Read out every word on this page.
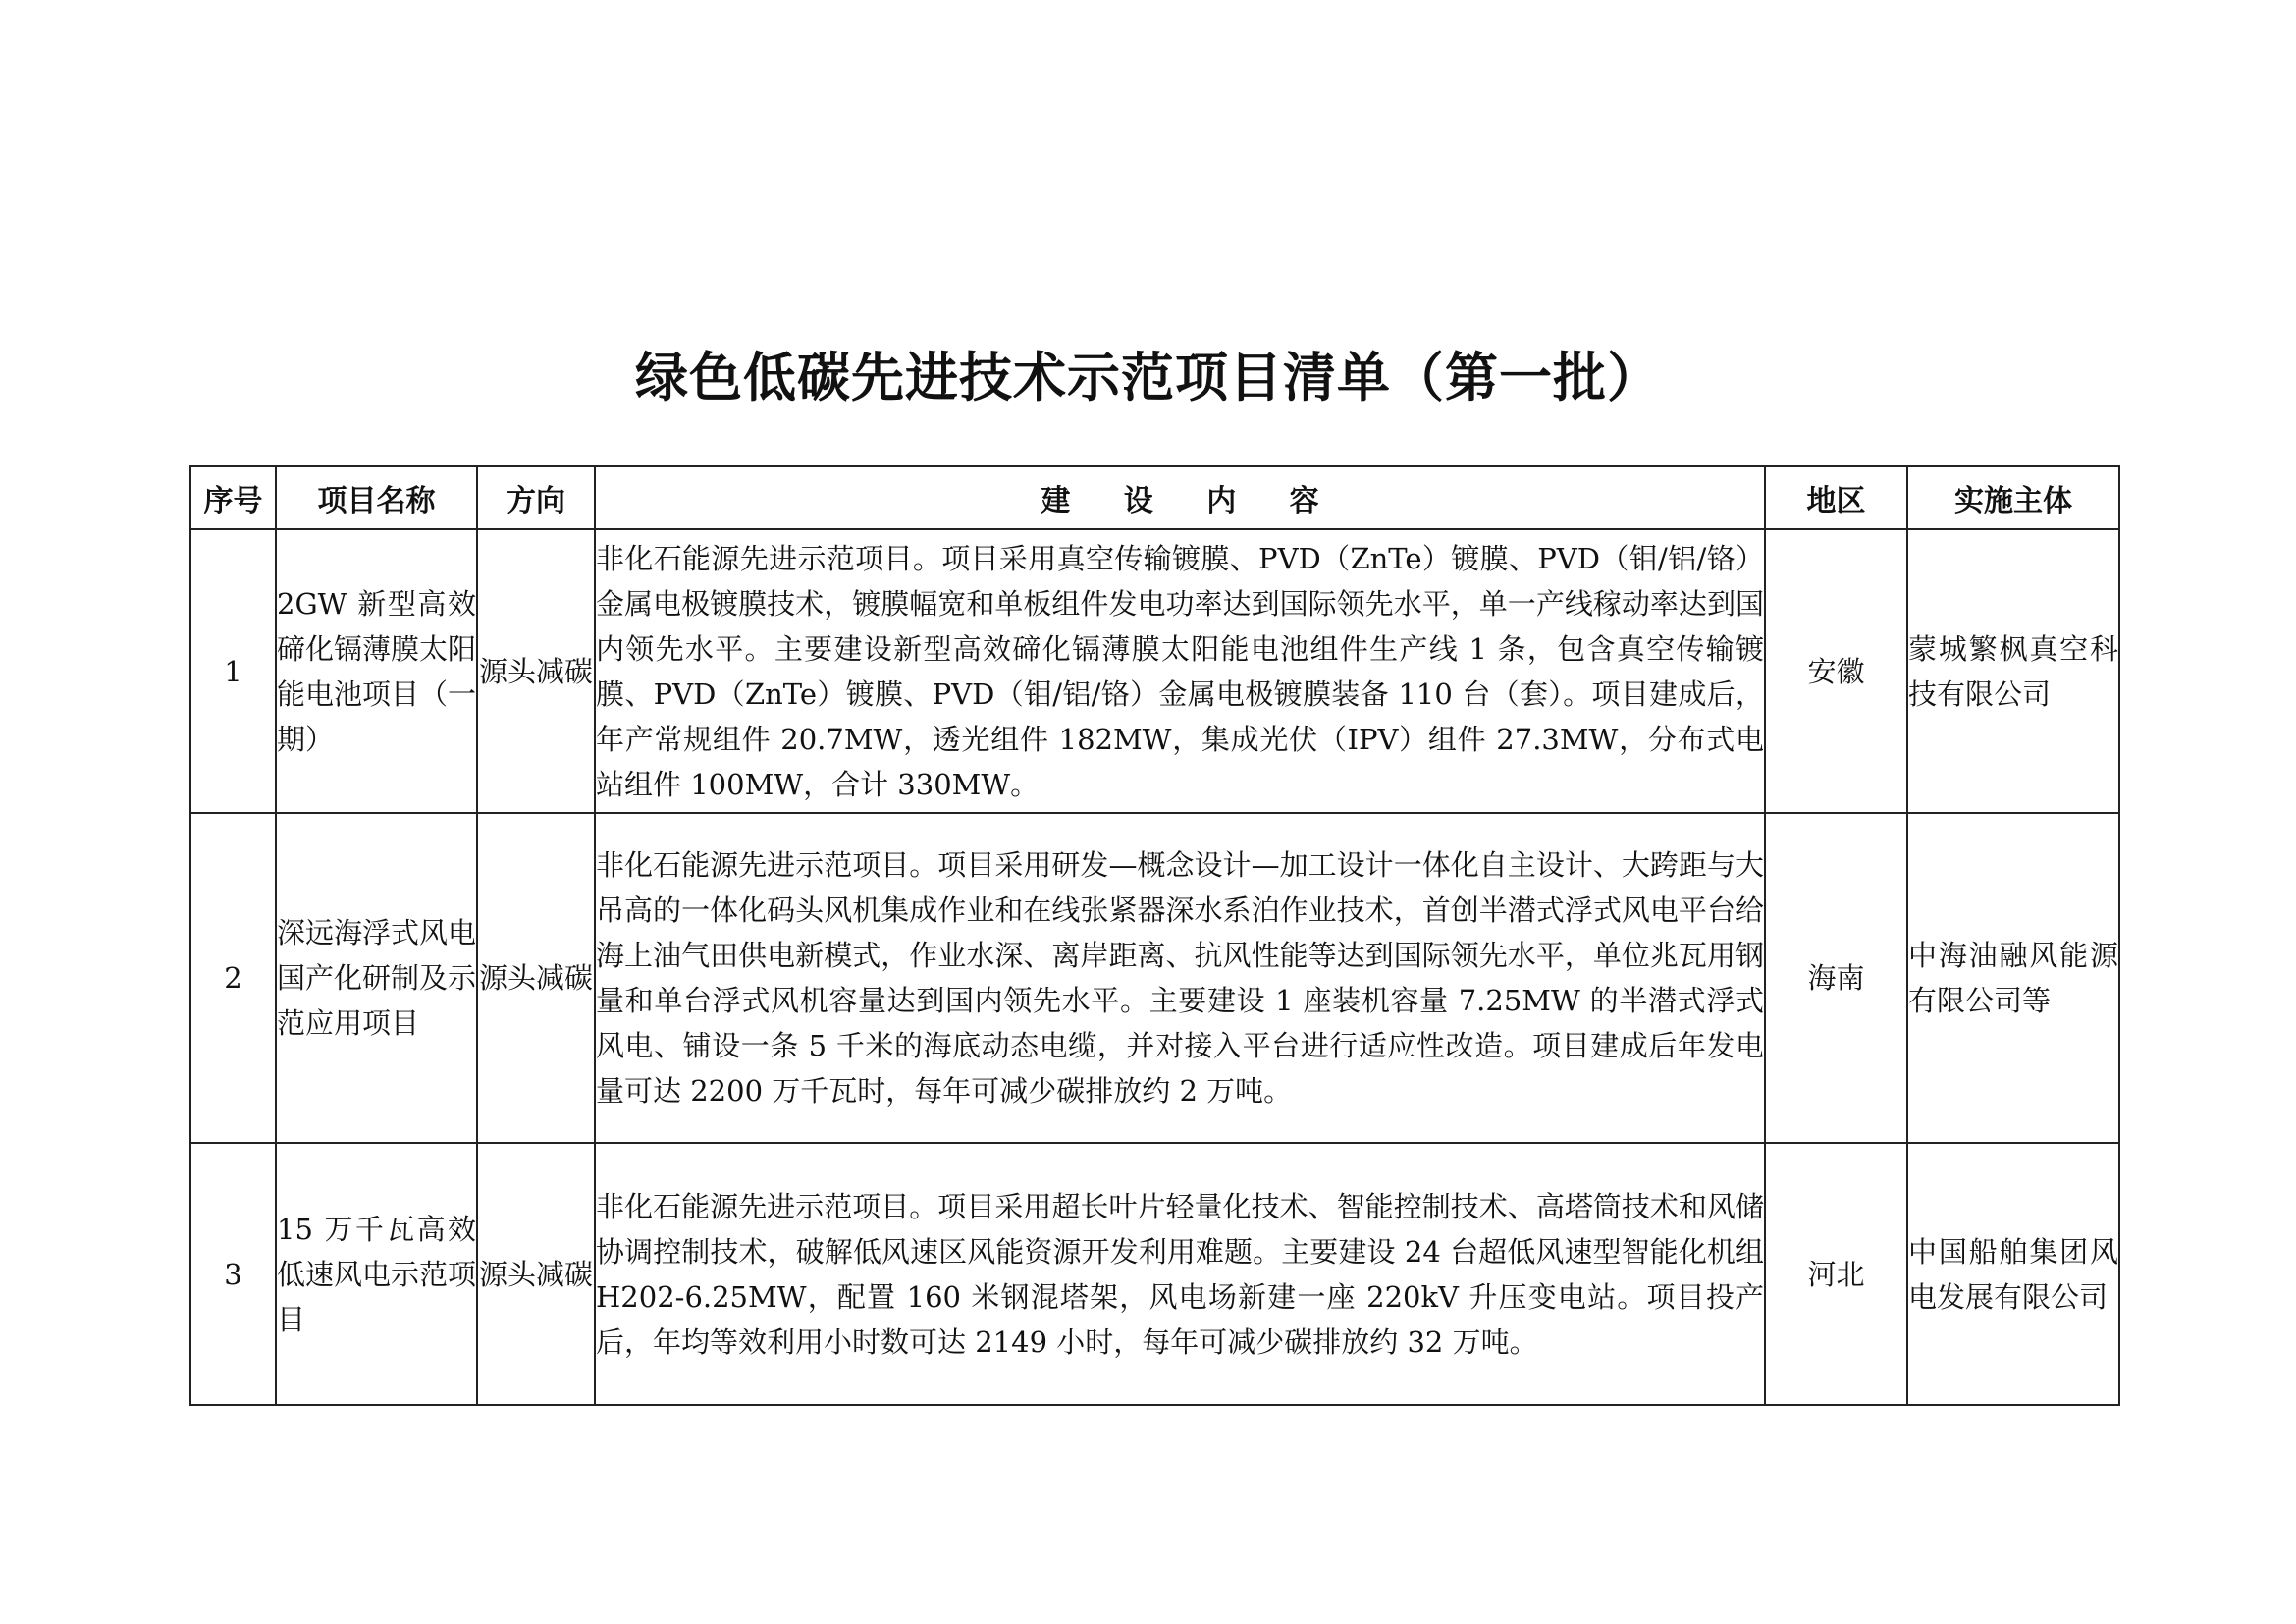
绿色低碳先进技术示范项目清单（第一批）
序号	项目名称	方向	建 设 内 容	地区	实施主体
1	2GW 新型高效碲化镉薄膜太阳能电池项目（一期）	源头减碳	非化石能源先进示范项目。项目采用真空传输镀膜、PVD（ZnTe）镀膜、PVD（钼/铝/铬）金属电极镀膜技术，镀膜幅宽和单板组件发电功率达到国际领先水平，单一产线稼动率达到国内领先水平。主要建设新型高效碲化镉薄膜太阳能电池组件生产线 1 条，包含真空传输镀膜、PVD（ZnTe）镀膜、PVD（钼/铝/铬）金属电极镀膜装备 110 台（套）。项目建成后，年产常规组件 20.7MW，透光组件 182MW，集成光伏（IPV）组件 27.3MW，分布式电站组件 100MW，合计 330MW。	安徽	蒙城繁枫真空科技有限公司
2	深远海浮式风电国产化研制及示范应用项目	源头减碳	非化石能源先进示范项目。项目采用研发—概念设计—加工设计一体化自主设计、大跨距与大吊高的一体化码头风机集成作业和在线张紧器深水系泊作业技术，首创半潜式浮式风电平台给海上油气田供电新模式，作业水深、离岸距离、抗风性能等达到国际领先水平，单位兆瓦用钢量和单台浮式风机容量达到国内领先水平。主要建设 1 座装机容量 7.25MW 的半潜式浮式风电、铺设一条 5 千米的海底动态电缆，并对接入平台进行适应性改造。项目建成后年发电量可达 2200 万千瓦时，每年可减少碳排放约 2 万吨。	海南	中海油融风能源有限公司等
3	15 万千瓦高效低速风电示范项目	源头减碳	非化石能源先进示范项目。项目采用超长叶片轻量化技术、智能控制技术、高塔筒技术和风储协调控制技术，破解低风速区风能资源开发利用难题。主要建设 24 台超低风速型智能化机组 H202-6.25MW，配置 160 米钢混塔架，风电场新建一座 220kV 升压变电站。项目投产后，年均等效利用小时数可达 2149 小时，每年可减少碳排放约 32 万吨。	河北	中国船舶集团风电发展有限公司
